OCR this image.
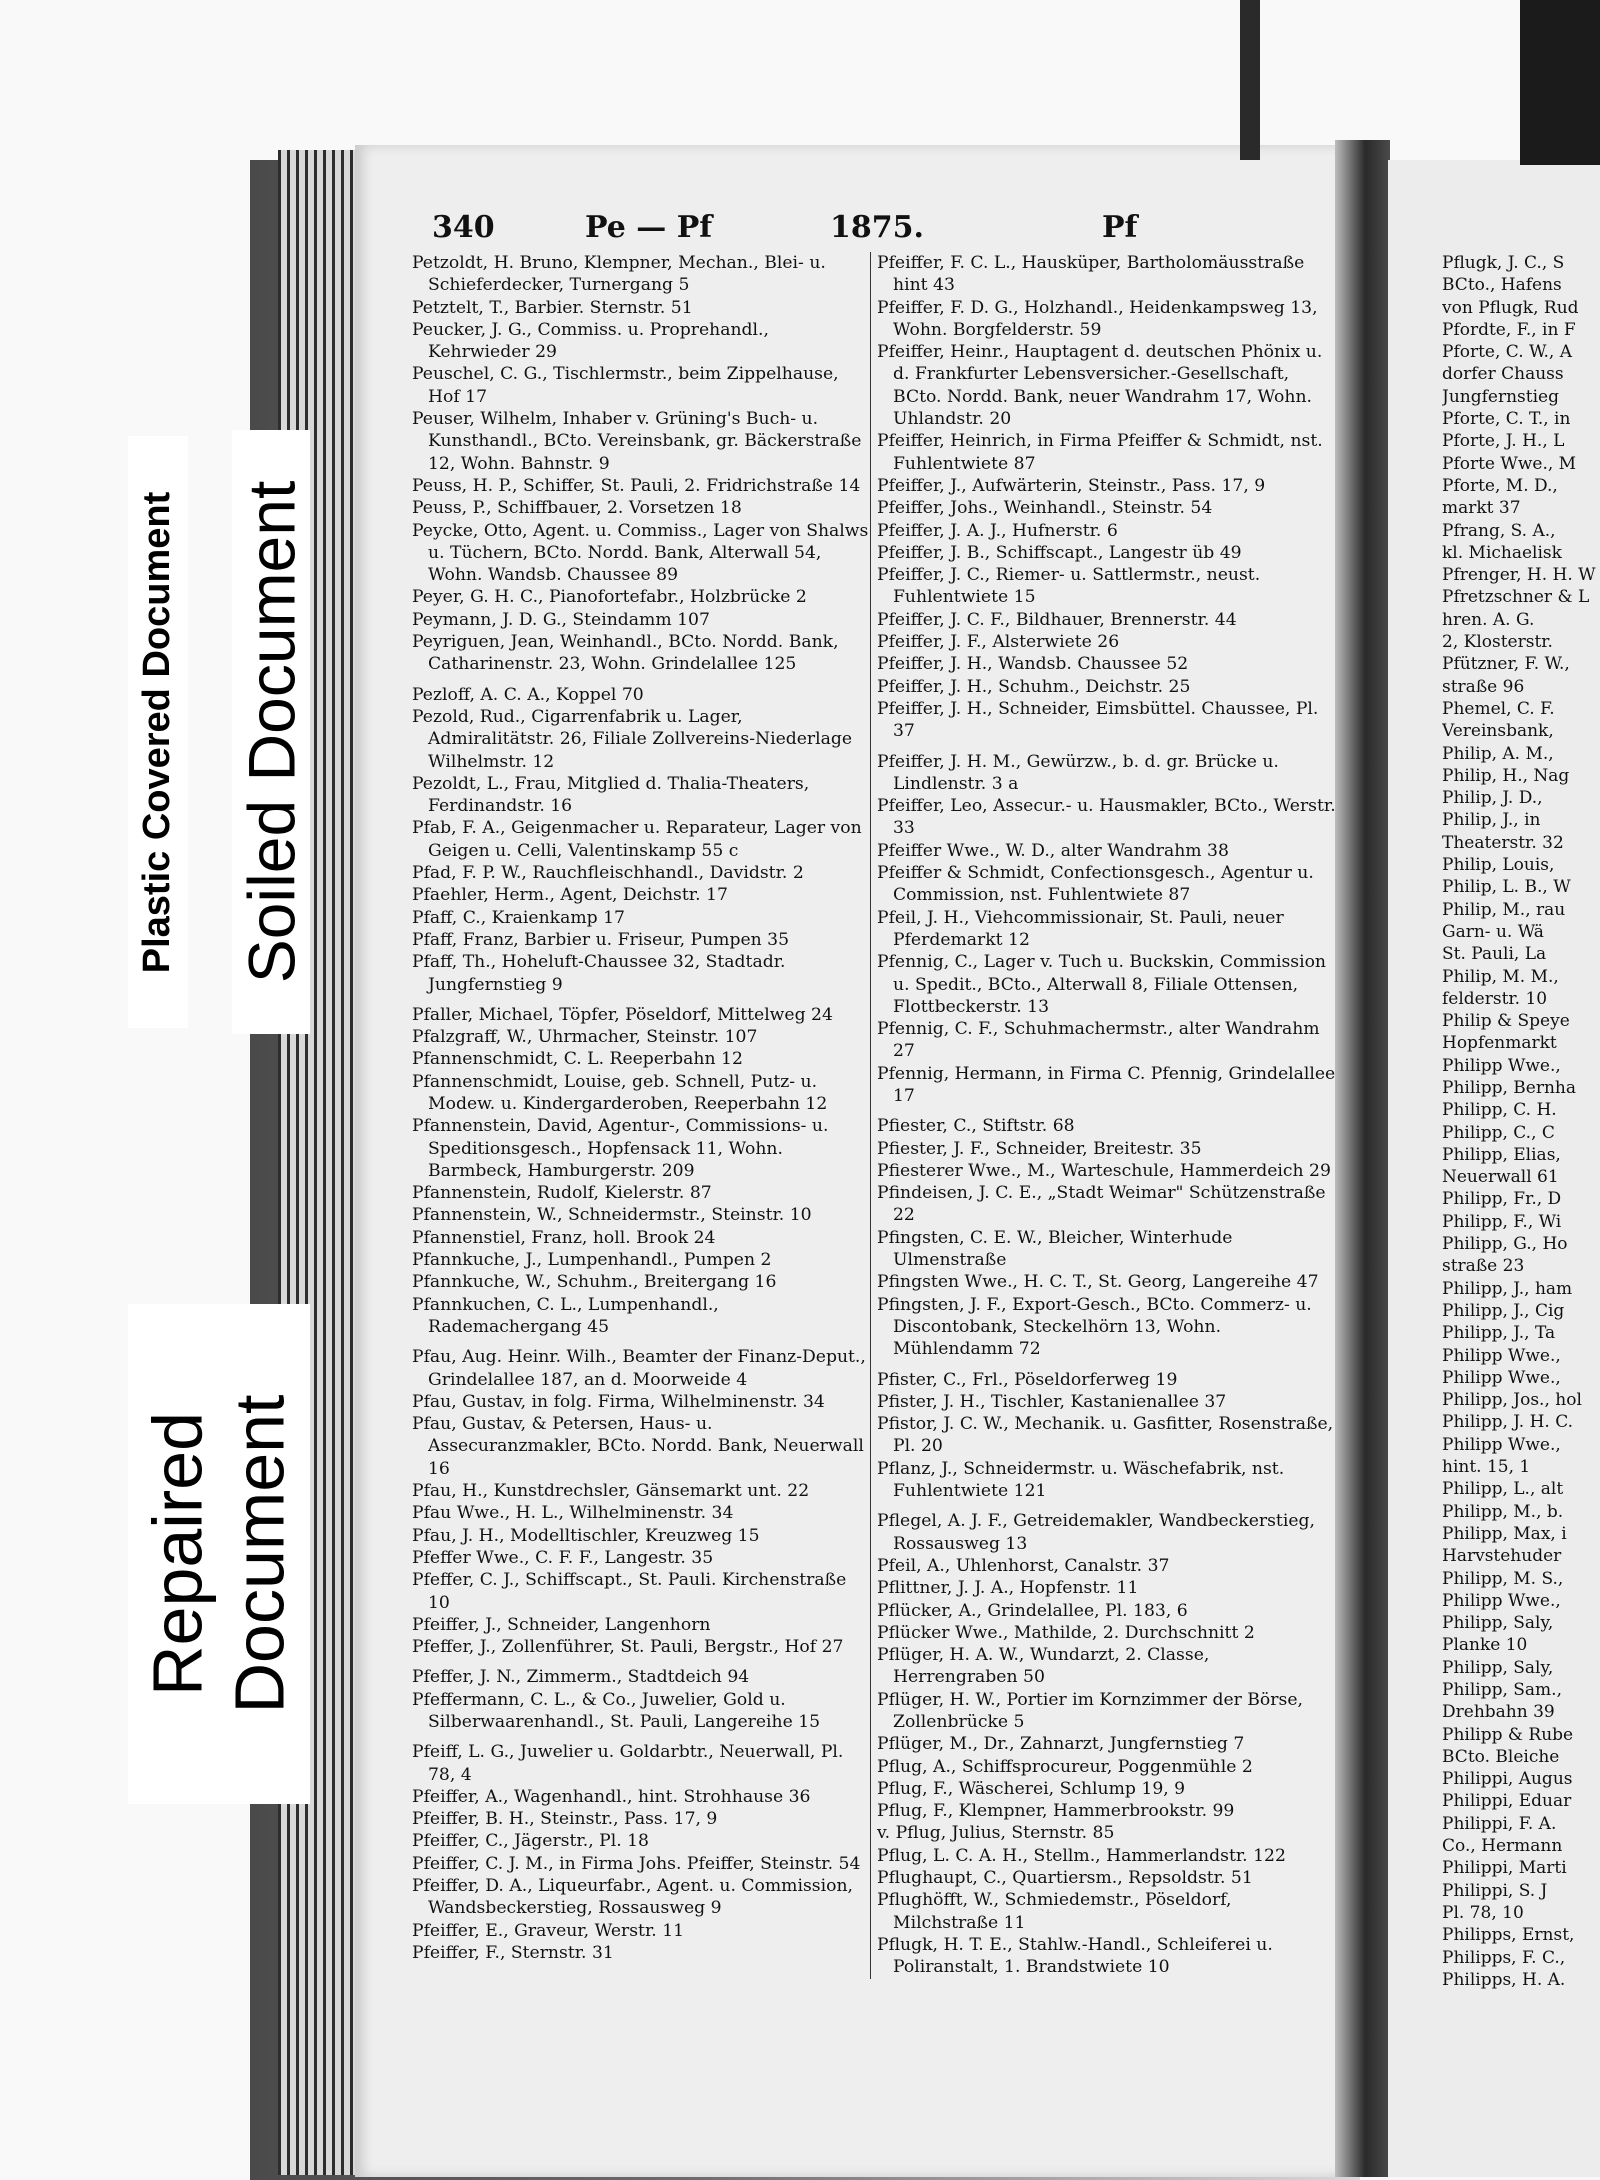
Plastic Covered Document Soiled Document
Repaired Document
340	Pe — Pf	1875.	Pf

Petzoldt, H. Bruno, Klempner, Mechan., Blei- u. Schieferdecker, Turnergang 5

Petztelt, T., Barbier. Sternstr. 51

Peucker, J. G., Commiss. u. Proprehandl., Kehrwieder 29

Peuschel, C. G., Tischlermstr., beim Zippelhause, Hof 17

Peuser, Wilhelm, Inhaber v. Grüning's Buch- u. Kunsthandl., BCto. Vereinsbank, gr. Bäckerstraße 12, Wohn. Bahnstr. 9

Peuss, H. P., Schiffer, St. Pauli, 2. Fridrichstraße 14

Peuss, P., Schiffbauer, 2. Vorsetzen 18

Peycke, Otto, Agent. u. Commiss., Lager von Shalws u. Tüchern, BCto. Nordd. Bank, Alterwall 54, Wohn. Wandsb. Chaussee 89

Peyer, G. H. C., Pianofortefabr., Holzbrücke 2

Peymann, J. D. G., Steindamm 107

Peyriguen, Jean, Weinhandl., BCto. Nordd. Bank, Catharinenstr. 23, Wohn. Grindelallee 125

Pezloff, A. C. A., Koppel 70

Pezold, Rud., Cigarrenfabrik u. Lager, Admiralitätstr. 26, Filiale Zollvereins-Niederlage Wilhelmstr. 12

Pezoldt, L., Frau, Mitglied d. Thalia-Theaters, Ferdinandstr. 16

Pfab, F. A., Geigenmacher u. Reparateur, Lager von Geigen u. Celli, Valentinskamp 55 c

Pfad, F. P. W., Rauchfleischhandl., Davidstr. 2

Pfaehler, Herm., Agent, Deichstr. 17

Pfaff, C., Kraienkamp 17

Pfaff, Franz, Barbier u. Friseur, Pumpen 35

Pfaff, Th., Hoheluft-Chaussee 32, Stadtadr. Jungfernstieg 9

Pfaller, Michael, Töpfer, Pöseldorf, Mittelweg 24

Pfalzgraff, W., Uhrmacher, Steinstr. 107

Pfannenschmidt, C. L. Reeperbahn 12

Pfannenschmidt, Louise, geb. Schnell, Putz- u. Modew. u. Kindergarderoben, Reeperbahn 12

Pfannenstein, David, Agentur-, Commissions- u. Speditionsgesch., Hopfensack 11, Wohn. Barmbeck, Hamburgerstr. 209

Pfannenstein, Rudolf, Kielerstr. 87

Pfannenstein, W., Schneidermstr., Steinstr. 10

Pfannenstiel, Franz, holl. Brook 24

Pfannkuche, J., Lumpenhandl., Pumpen 2

Pfannkuche, W., Schuhm., Breitergang 16

Pfannkuchen, C. L., Lumpenhandl., Rademachergang 45

Pfau, Aug. Heinr. Wilh., Beamter der Finanz-Deput., Grindelallee 187, an d. Moorweide 4

Pfau, Gustav, in folg. Firma, Wilhelminenstr. 34

Pfau, Gustav, & Petersen, Haus- u. Assecuranzmakler, BCto. Nordd. Bank, Neuerwall 16

Pfau, H., Kunstdrechsler, Gänsemarkt unt. 22

Pfau Wwe., H. L., Wilhelminenstr. 34

Pfau, J. H., Modelltischler, Kreuzweg 15

Pfeffer Wwe., C. F. F., Langestr. 35

Pfeffer, C. J., Schiffscapt., St. Pauli. Kirchenstraße 10

Pfeiffer, J., Schneider, Langenhorn

Pfeffer, J., Zollenführer, St. Pauli, Bergstr., Hof 27

Pfeffer, J. N., Zimmerm., Stadtdeich 94

Pfeffermann, C. L., & Co., Juwelier, Gold u. Silberwaarenhandl., St. Pauli, Langereihe 15

Pfeiff, L. G., Juwelier u. Goldarbtr., Neuerwall, Pl. 78, 4

Pfeiffer, A., Wagenhandl., hint. Strohhause 36

Pfeiffer, B. H., Steinstr., Pass. 17, 9

Pfeiffer, C., Jägerstr., Pl. 18

Pfeiffer, C. J. M., in Firma Johs. Pfeiffer, Steinstr. 54

Pfeiffer, D. A., Liqueurfabr., Agent. u. Commission, Wandsbeckerstieg, Rossausweg 9

Pfeiffer, E., Graveur, Werstr. 11

Pfeiffer, F., Sternstr. 31

Pfeiffer, F. C. L., Hausküper, Bartholomäusstraße hint 43

Pfeiffer, F. D. G., Holzhandl., Heidenkampsweg 13, Wohn. Borgfelderstr. 59

Pfeiffer, Heinr., Hauptagent d. deutschen Phönix u. d. Frankfurter Lebensversicher.-Gesellschaft, BCto. Nordd. Bank, neuer Wandrahm 17, Wohn. Uhlandstr. 20

Pfeiffer, Heinrich, in Firma Pfeiffer & Schmidt, nst. Fuhlentwiete 87

Pfeiffer, J., Aufwärterin, Steinstr., Pass. 17, 9

Pfeiffer, Johs., Weinhandl., Steinstr. 54

Pfeiffer, J. A. J., Hufnerstr. 6

Pfeiffer, J. B., Schiffscapt., Langestr üb 49

Pfeiffer, J. C., Riemer- u. Sattlermstr., neust. Fuhlentwiete 15

Pfeiffer, J. C. F., Bildhauer, Brennerstr. 44

Pfeiffer, J. F., Alsterwiete 26

Pfeiffer, J. H., Wandsb. Chaussee 52

Pfeiffer, J. H., Schuhm., Deichstr. 25

Pfeiffer, J. H., Schneider, Eimsbüttel. Chaussee, Pl. 37

Pfeiffer, J. H. M., Gewürzw., b. d. gr. Brücke u. Lindlenstr. 3 a

Pfeiffer, Leo, Assecur.- u. Hausmakler, BCto., Werstr. 33

Pfeiffer Wwe., W. D., alter Wandrahm 38

Pfeiffer & Schmidt, Confectionsgesch., Agentur u. Commission, nst. Fuhlentwiete 87

Pfeil, J. H., Viehcommissionair, St. Pauli, neuer Pferdemarkt 12

Pfennig, C., Lager v. Tuch u. Buckskin, Commission u. Spedit., BCto., Alterwall 8, Filiale Ottensen, Flottbeckerstr. 13

Pfennig, C. F., Schuhmachermstr., alter Wandrahm 27

Pfennig, Hermann, in Firma C. Pfennig, Grindelallee 17

Pfiester, C., Stiftstr. 68

Pfiester, J. F., Schneider, Breitestr. 35

Pfiesterer Wwe., M., Warteschule, Hammerdeich 29

Pfindeisen, J. C. E., „Stadt Weimar" Schützenstraße 22

Pfingsten, C. E. W., Bleicher, Winterhude Ulmenstraße

Pfingsten Wwe., H. C. T., St. Georg, Langereihe 47

Pfingsten, J. F., Export-Gesch., BCto. Commerz- u. Discontobank, Steckelhörn 13, Wohn. Mühlendamm 72

Pfister, C., Frl., Pöseldorferweg 19

Pfister, J. H., Tischler, Kastanienallee 37

Pfistor, J. C. W., Mechanik. u. Gasfitter, Rosenstraße, Pl. 20

Pflanz, J., Schneidermstr. u. Wäschefabrik, nst. Fuhlentwiete 121

Pflegel, A. J. F., Getreidemakler, Wandbeckerstieg, Rossausweg 13

Pfeil, A., Uhlenhorst, Canalstr. 37

Pflittner, J. J. A., Hopfenstr. 11

Pflücker, A., Grindelallee, Pl. 183, 6

Pflücker Wwe., Mathilde, 2. Durchschnitt 2

Pflüger, H. A. W., Wundarzt, 2. Classe, Herrengraben 50

Pflüger, H. W., Portier im Kornzimmer der Börse, Zollenbrücke 5

Pflüger, M., Dr., Zahnarzt, Jungfernstieg 7

Pflug, A., Schiffsprocureur, Poggenmühle 2

Pflug, F., Wäscherei, Schlump 19, 9

Pflug, F., Klempner, Hammerbrookstr. 99

v. Pflug, Julius, Sternstr. 85

Pflug, L. C. A. H., Stellm., Hammerlandstr. 122

Pflughaupt, C., Quartiersm., Repsoldstr. 51

Pflughöfft, W., Schmiedemstr., Pöseldorf, Milchstraße 11

Pflugk, H. T. E., Stahlw.-Handl., Schleiferei u. Poliranstalt, 1. Brandstwiete 10

Pflugk, J. C., S

BCto., Hafens

von Pflugk, Rud

Pfordte, F., in F

Pforte, C. W., A

dorfer Chauss

Jungfernstieg

Pforte, C. T., in

Pforte, J. H., L

Pforte Wwe., M

Pforte, M. D.,

markt 37

Pfrang, S. A.,

kl. Michaelisk

Pfrenger, H. H. W

Pfretzschner & L

hren. A. G.

2, Klosterstr.

Pfützner, F. W.,

straße 96

Phemel, C. F.

Vereinsbank,

Philip, A. M.,

Philip, H., Nag

Philip, J. D.,

Philip, J., in

Theaterstr. 32

Philip, Louis,

Philip, L. B., W

Philip, M., rau

Garn- u. Wä

St. Pauli, La

Philip, M. M.,

felderstr. 10

Philip & Speye

Hopfenmarkt

Philipp Wwe.,

Philipp, Bernha

Philipp, C. H.

Philipp, C., C

Philipp, Elias,

Neuerwall 61

Philipp, Fr., D

Philipp, F., Wi

Philipp, G., Ho

straße 23

Philipp, J., ham

Philipp, J., Cig

Philipp, J., Ta

Philipp Wwe.,

Philipp Wwe.,

Philipp, Jos., hol

Philipp, J. H. C.

Philipp Wwe.,

hint. 15, 1

Philipp, L., alt

Philipp, M., b.

Philipp, Max, i

Harvstehuder

Philipp, M. S.,

Philipp Wwe.,

Philipp, Saly,

Planke 10

Philipp, Saly,

Philipp, Sam.,

Drehbahn 39

Philipp & Rube

BCto. Bleiche

Philippi, Augus

Philippi, Eduar

Philippi, F. A.

Co., Hermann

Philippi, Marti

Philippi, S. J

Pl. 78, 10

Philipps, Ernst,

Philipps, F. C.,

Philipps, H. A.
